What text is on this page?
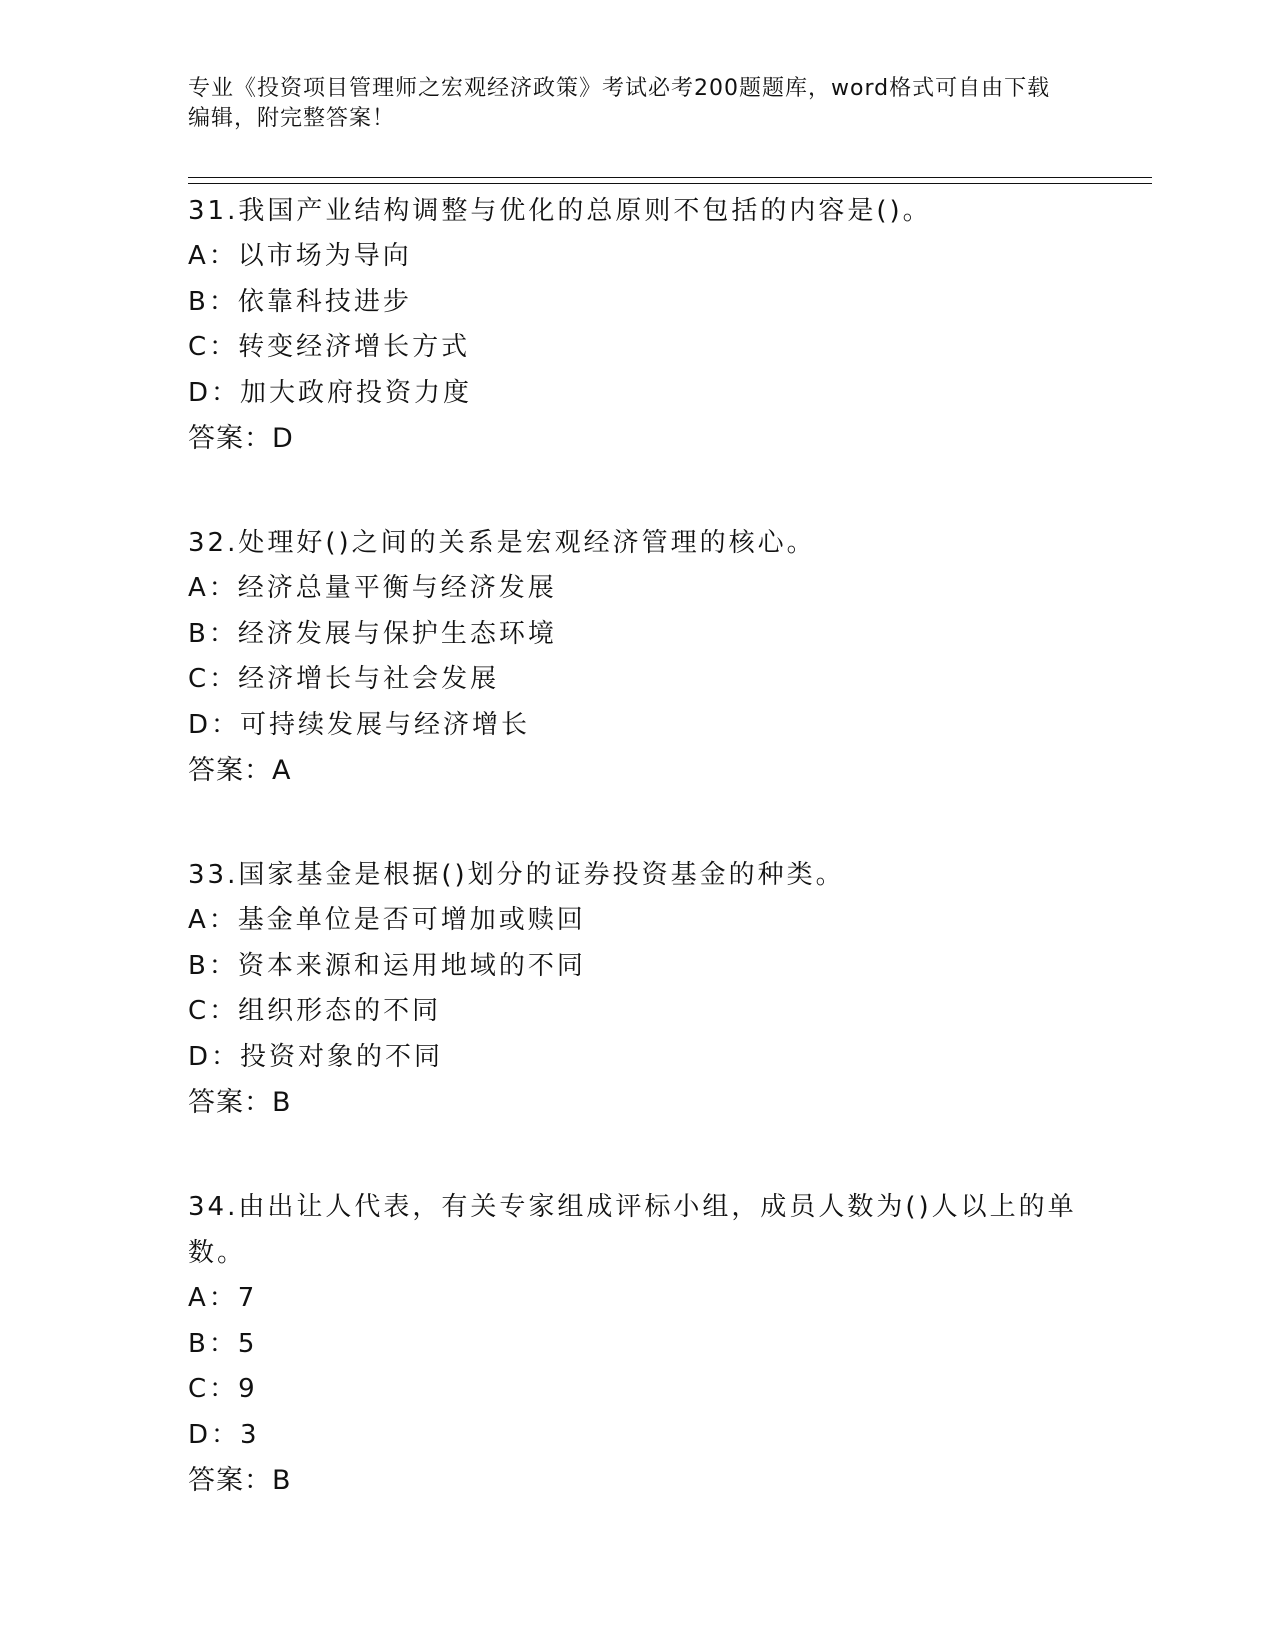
专业《投资项目管理师之宏观经济政策》考试必考200题题库，word格式可自由下载编辑，附完整答案！
31.我国产业结构调整与优化的总原则不包括的内容是()。
A：以市场为导向
B：依靠科技进步
C：转变经济增长方式
D：加大政府投资力度
答案：D
32.处理好()之间的关系是宏观经济管理的核心。
A：经济总量平衡与经济发展
B：经济发展与保护生态环境
C：经济增长与社会发展
D：可持续发展与经济增长
答案：A
33.国家基金是根据()划分的证券投资基金的种类。
A：基金单位是否可增加或赎回
B：资本来源和运用地域的不同
C：组织形态的不同
D：投资对象的不同
答案：B
34.由出让人代表，有关专家组成评标小组，成员人数为()人以上的单数。
A：7
B：5
C：9
D：3
答案：B
